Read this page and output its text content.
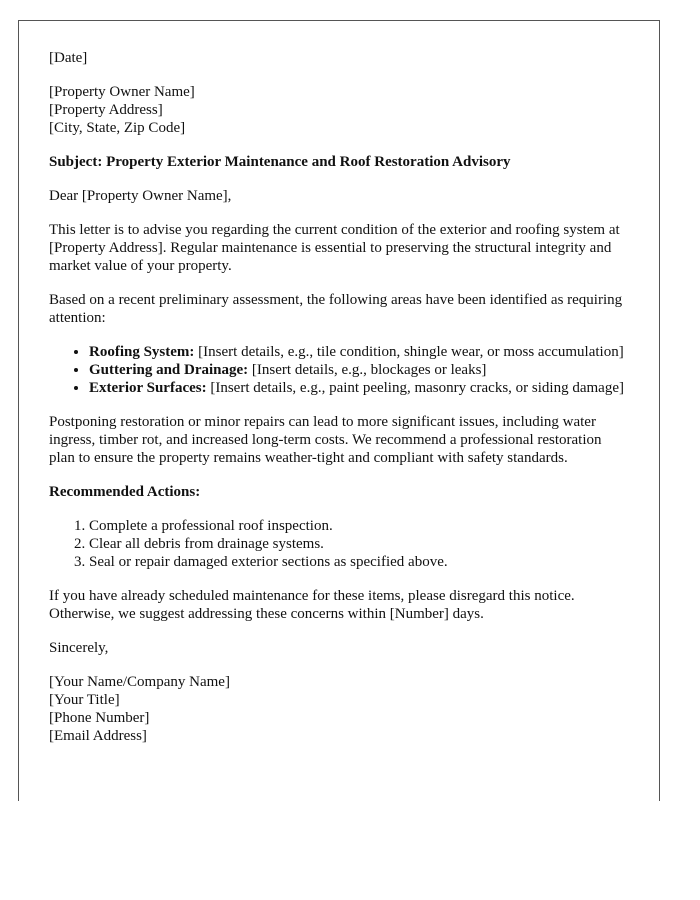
[Date]

[Property Owner Name]
[Property Address]
[City, State, Zip Code]

Subject: Property Exterior Maintenance and Roof Restoration Advisory

Dear [Property Owner Name],

This letter is to advise you regarding the current condition of the exterior and roofing system at [Property Address]. Regular maintenance is essential to preserving the structural integrity and market value of your property.

Based on a recent preliminary assessment, the following areas have been identified as requiring attention:

• Roofing System: [Insert details, e.g., tile condition, shingle wear, or moss accumulation]
• Guttering and Drainage: [Insert details, e.g., blockages or leaks]
• Exterior Surfaces: [Insert details, e.g., paint peeling, masonry cracks, or siding damage]

Postponing restoration or minor repairs can lead to more significant issues, including water ingress, timber rot, and increased long-term costs. We recommend a professional restoration plan to ensure the property remains weather-tight and compliant with safety standards.

Recommended Actions:

1. Complete a professional roof inspection.
2. Clear all debris from drainage systems.
3. Seal or repair damaged exterior sections as specified above.

If you have already scheduled maintenance for these items, please disregard this notice. Otherwise, we suggest addressing these concerns within [Number] days.

Sincerely,

[Your Name/Company Name]
[Your Title]
[Phone Number]
[Email Address]
